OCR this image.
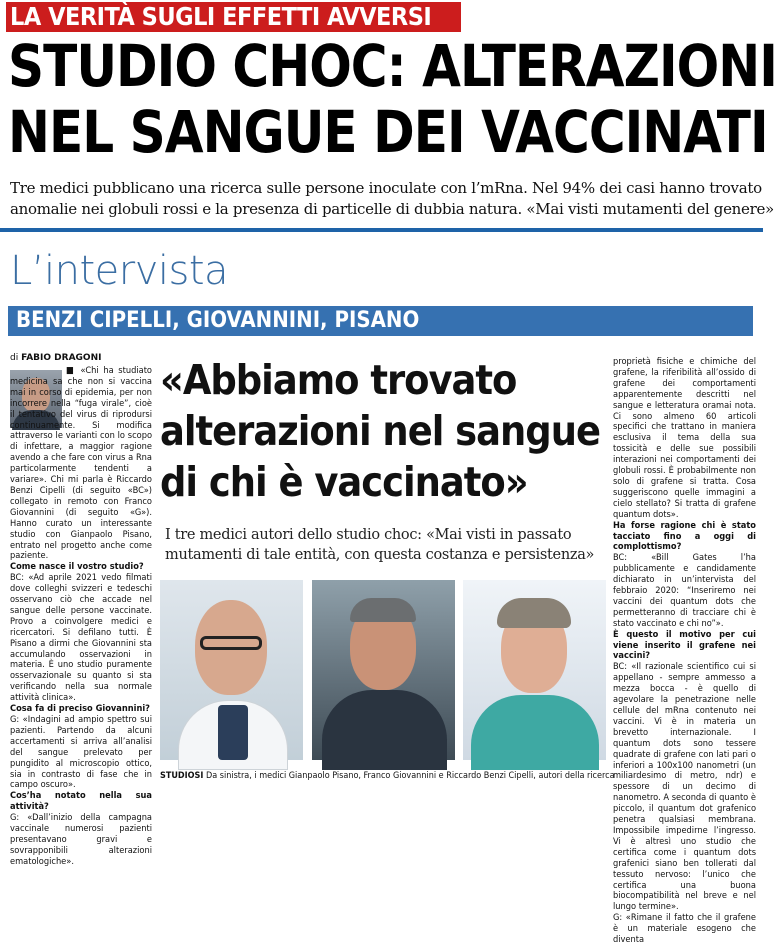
LA VERITÀ SUGLI EFFETTI AVVERSI
STUDIO CHOC: ALTERAZIONI
NEL SANGUE DEI VACCINATI
Tre medici pubblicano una ricerca sulle persone inoculate con l’mRna. Nel 94% dei casi hanno trovato
anomalie nei globuli rossi e la presenza di particelle di dubbia natura. «Mai visti mutamenti del genere»
L’intervista
BENZI CIPELLI, GIOVANNINI, PISANO
di FABIO DRAGONI

■ «Chi ha studiato medicina sa che non si vaccina mai in corso di epidemia, per non incorrere nella “fuga virale”, cioè il tentativo del virus di riprodursi continuamente. Si modifica attraverso le varianti con lo scopo di infettare, a maggior ragione avendo a che fare con virus a Rna particolarmente tendenti a variare». Chi mi parla è Riccardo Benzi Cipelli (di seguito «BC») collegato in remoto con Franco Giovannini (di seguito «G»). Hanno curato un interessante studio con Gianpaolo Pisano, entrato nel progetto anche come paziente.

Come nasce il vostro studio?

BC: «Ad aprile 2021 vedo filmati dove colleghi svizzeri e tedeschi osservano ciò che accade nel sangue delle persone vaccinate. Provo a coinvolgere medici e ricercatori. Si defilano tutti. È Pisano a dirmi che Giovannini sta accumulando osservazioni in materia. È uno studio puramente osservazionale su quanto si sta verificando nella sua normale attività clinica».

Cosa fa di preciso Giovannini?

G: «Indagini ad ampio spettro sui pazienti. Partendo da alcuni accertamenti si arriva all’analisi del sangue prelevato per pungidito al microscopio ottico, sia in contrasto di fase che in campo oscuro».

Cos’ha notato nella sua attività?

G: «Dall’inizio della campagna vaccinale numerosi pazienti presentavano gravi e sovrapponibili alterazioni ematologiche».

«Abbiamo trovato
alterazioni nel sangue
di chi è vaccinato»
I tre medici autori dello studio choc: «Mai visti in passato
mutamenti di tale entità, con questa costanza e persistenza»
STUDIOSI Da sinistra, i medici Gianpaolo Pisano, Franco Giovannini e Riccardo Benzi Cipelli, autori della ricerca

proprietà fisiche e chimiche del grafene, la riferibilità all’ossido di grafene dei comportamenti apparentemente descritti nel sangue e letteratura oramai nota. Ci sono almeno 60 articoli specifici che trattano in maniera esclusiva il tema della sua tossicità e delle sue possibili interazioni nei comportamenti dei globuli rossi. È probabilmente non solo di grafene si tratta. Cosa suggeriscono quelle immagini a cielo stellato? Si tratta di grafene quantum dots».

Ha forse ragione chi è stato tacciato fino a oggi di complottismo?

BC: «Bill Gates l’ha pubblicamente e candidamente dichiarato in un’intervista del febbraio 2020: “Inseriremo nei vaccini dei quantum dots che permetteranno di tracciare chi è stato vaccinato e chi no”».

È questo il motivo per cui viene inserito il grafene nei vaccini?

BC: «Il razionale scientifico cui si appellano - sempre ammesso a mezza bocca - è quello di agevolare la penetrazione nelle cellule del mRna contenuto nei vaccini. Vi è in materia un brevetto internazionale. I quantum dots sono tessere quadrate di grafene con lati pari o inferiori a 100x100 nanometri (un miliardesimo di metro, ndr) e spessore di un decimo di nanometro. A seconda di quanto è piccolo, il quantum dot grafenico penetra qualsiasi membrana. Impossibile impedirne l’ingresso. Vi è altresì uno studio che certifica come i quantum dots grafenici siano ben tollerati dal tessuto nervoso: l’unico che certifica una buona biocompatibilità nel breve e nel lungo termine».

G: «Rimane il fatto che il grafene è un materiale esogeno che diventa
